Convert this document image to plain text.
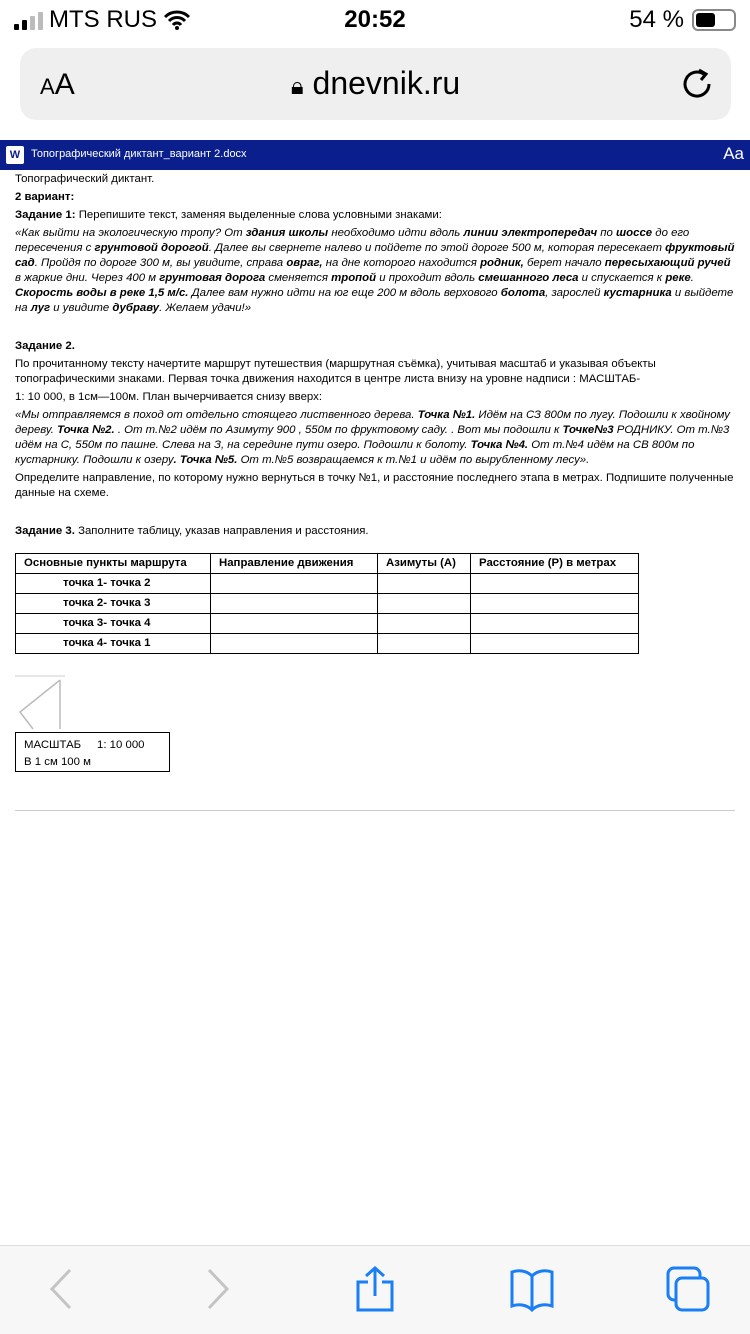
MTS RUS	20:52	54 %
AA	🔒︎ dnevnik.ru
W Топографический диктант_вариант 2.docx	Aa

Топографический диктант.

2 вариант:

Задание 1: Перепишите текст, заменяя выделенные слова условными знаками:

«Как выйти на экологическую тропу? От здания школы необходимо идти вдоль линии электропередач по шоссе до его пересечения с грунтовой дорогой. Далее вы свернете налево и пойдете по этой дороге 500 м, которая пересекает фруктовый сад. Пройдя по дороге 300 м, вы увидите, справа овраг, на дне которого находится родник, берет начало пересыхающий ручей в жаркие дни. Через 400 м грунтовая дорога сменяется тропой и проходит вдоль смешанного леса и спускается к реке. Скорость воды в реке 1,5 м/с. Далее вам нужно идти на юг еще 200 м вдоль верхового болота, зарослей кустарника и выйдете на луг и увидите дубраву. Желаем удачи!»

Задание 2.

По прочитанному тексту начертите маршрут путешествия (маршрутная съёмка), учитывая масштаб и указывая объекты топографическими знаками. Первая точка движения находится в центре листа внизу на уровне надписи : МАСШТАБ-

1: 10 000, в 1см—100м. План вычерчивается снизу вверх:

«Мы отправляемся в поход от отдельно стоящего лиственного дерева. Точка №1. Идём на СЗ 800м по лугу. Подошли к хвойному дереву. Точка №2. . От т.№2 идём по Азимуту 900 , 550м по фруктовому саду. . Вот мы подошли к Точке№3 РОДНИКУ. От т.№3 идём на С, 550м по пашне. Слева на З, на середине пути озеро. Подошли к болоту. Точка №4. От т.№4 идём на СВ 800м по кустарнику. Подошли к озеру. Точка №5. От т.№5 возвращаемся к т.№1 и идём по вырубленному лесу».

Определите направление, по которому нужно вернуться в точку №1, и расстояние последнего этапа в метрах. Подпишите полученные данные на схеме.

Задание 3. Заполните таблицу, указав направления и расстояния.

Основные пункты маршрута	Направление движения	Азимуты (А)	Расстояние (Р) в метрах
точка 1- точка 2			
точка 2- точка 3			
точка 3- точка 4			
точка 4- точка 1			
МАСШТАБ 1: 10 000
В 1 см 100 м
